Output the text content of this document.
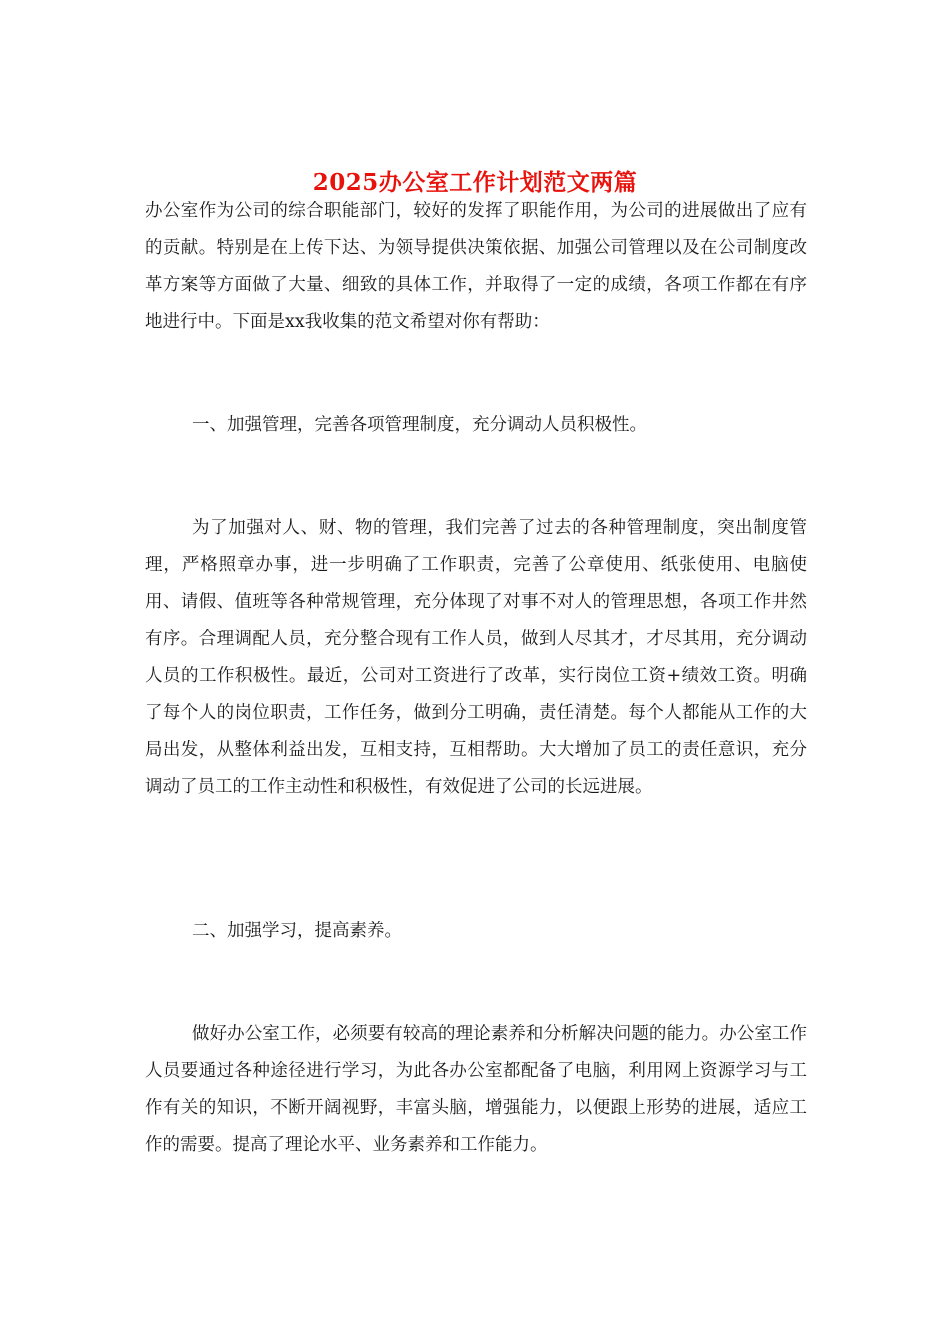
2025办公室工作计划范文两篇

办公室作为公司的综合职能部门，较好的发挥了职能作用，为公司的进展做出了应有的贡献。特别是在上传下达、为领导提供决策依据、加强公司管理以及在公司制度改革方案等方面做了大量、细致的具体工作，并取得了一定的成绩，各项工作都在有序地进行中。下面是xx我收集的范文希望对你有帮助：

一、加强管理，完善各项管理制度，充分调动人员积极性。

为了加强对人、财、物的管理，我们完善了过去的各种管理制度，突出制度管理，严格照章办事，进一步明确了工作职责，完善了公章使用、纸张使用、电脑使用、请假、值班等各种常规管理，充分体现了对事不对人的管理思想，各项工作井然有序。合理调配人员，充分整合现有工作人员，做到人尽其才，才尽其用，充分调动人员的工作积极性。最近，公司对工资进行了改革，实行岗位工资+绩效工资。明确了每个人的岗位职责，工作任务，做到分工明确，责任清楚。每个人都能从工作的大局出发，从整体利益出发，互相支持，互相帮助。大大增加了员工的责任意识，充分调动了员工的工作主动性和积极性，有效促进了公司的长远进展。

二、加强学习，提高素养。

做好办公室工作，必须要有较高的理论素养和分析解决问题的能力。办公室工作人员要通过各种途径进行学习，为此各办公室都配备了电脑，利用网上资源学习与工作有关的知识，不断开阔视野，丰富头脑，增强能力，以便跟上形势的进展，适应工作的需要。提高了理论水平、业务素养和工作能力。
